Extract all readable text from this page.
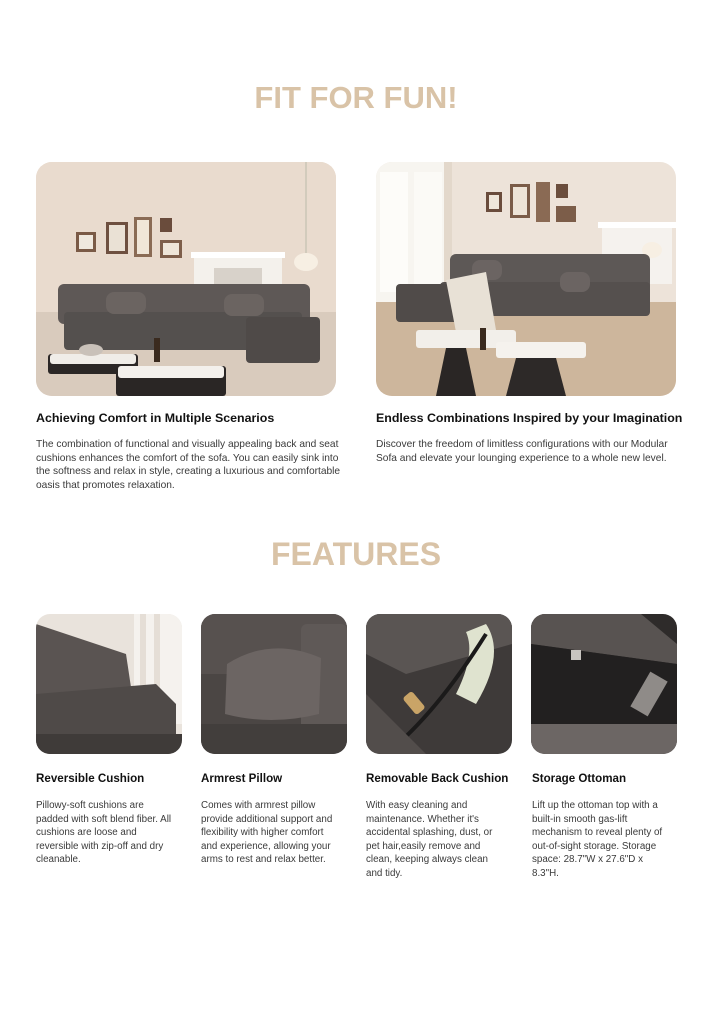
FIT FOR FUN!
Achieving Comfort in Multiple Scenarios
The combination of functional and visually appealing back and seat cushions enhances the comfort of the sofa. You can easily sink into the softness and relax in style, creating a luxurious and comfortable oasis that promotes relaxation.
Endless Combinations Inspired by your Imagination
Discover the freedom of limitless configurations with our Modular Sofa and elevate your lounging experience to a whole new level.
FEATURES
Reversible Cushion
Pillowy-soft cushions are padded with soft blend fiber. All cushions are loose and reversible with zip-off and dry cleanable.
Armrest Pillow
Comes with armrest pillow provide additional support and flexibility with higher comfort and experience, allowing your arms to rest and relax better.
Removable Back Cushion
With easy cleaning and maintenance. Whether it's accidental splashing, dust, or pet hair,easily remove and clean, keeping always clean and tidy.
Storage Ottoman
Lift up the ottoman top with a built-in smooth gas-lift mechanism to reveal plenty of out-of-sight storage. Storage space: 28.7"W x 27.6"D x 8.3"H.
